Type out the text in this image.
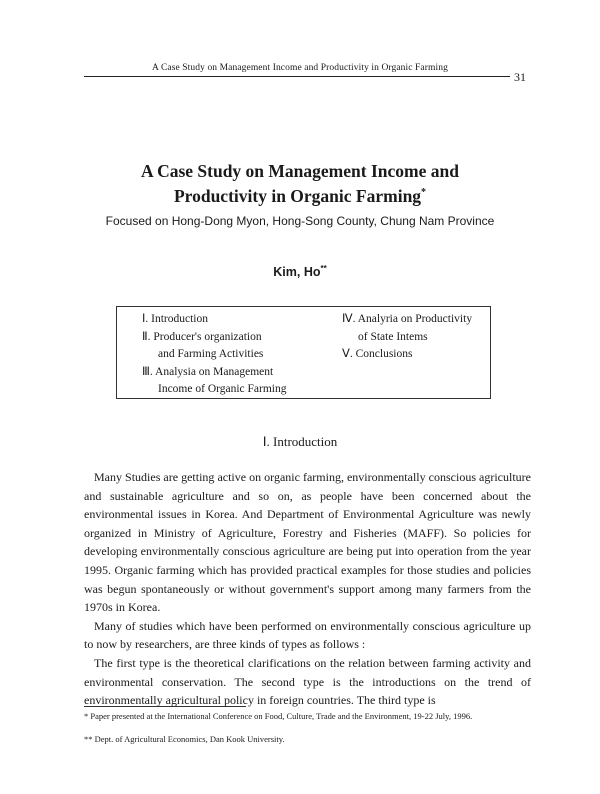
A Case Study on Management Income and Productivity in Organic Farming
31
A Case Study on Management Income and
Productivity in Organic Farming*
Focused on Hong-Dong Myon, Hong-Song County, Chung Nam Province
Kim, Ho**
Ⅰ. Introduction
Ⅱ. Producer's organization
and Farming Activities
Ⅲ. Analysia on Management
Income of Organic Farming
Ⅳ. Analyria on Productivity
of State Intems
Ⅴ. Conclusions
Ⅰ. Introduction

Many Studies are getting active on organic farming, environmentally conscious agriculture and sustainable agriculture and so on, as people have been concerned about the environmental issues in Korea. And Department of Environmental Agriculture was newly organized in Ministry of Agriculture, Forestry and Fisheries (MAFF). So policies for developing environmentally conscious agriculture are being put into operation from the year 1995. Organic farming which has provided practical examples for those studies and policies was begun spontaneously or without government's support among many farmers from the 1970s in Korea.

Many of studies which have been performed on environmentally conscious agriculture up to now by researchers, are three kinds of types as follows :

The first type is the theoretical clarifications on the relation between farming activity and environmental conservation. The second type is the introductions on the trend of environmentally agricultural policy in foreign countries. The third type is

* Paper presented at the International Conference on Food, Culture, Trade and the Environment, 19-22 July, 1996.
** Dept. of Agricultural Economics, Dan Kook University.
